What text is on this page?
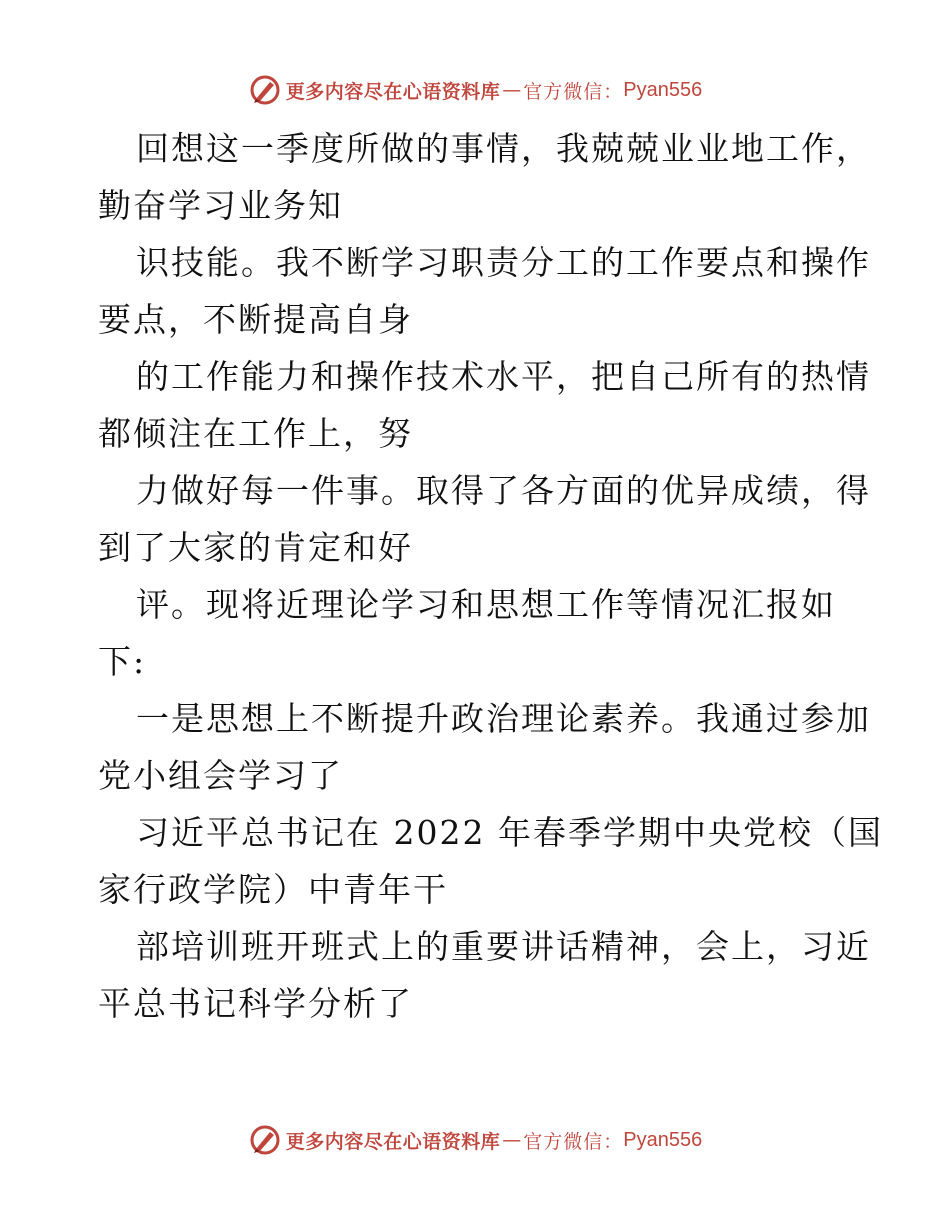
更多内容尽在心语资料库 — 官方微信： Pyan556
回想这一季度所做的事情，我兢兢业业地工作，
勤奋学习业务知
识技能。我不断学习职责分工的工作要点和操作
要点，不断提高自身
的工作能力和操作技术水平，把自己所有的热情
都倾注在工作上，努
力做好每一件事。取得了各方面的优异成绩，得
到了大家的肯定和好
评。现将近理论学习和思想工作等情况汇报如
下:
一是思想上不断提升政治理论素养。我通过参加
党小组会学习了
习近平总书记在 2022 年春季学期中央党校（国
家行政学院）中青年干
部培训班开班式上的重要讲话精神，会上，习近
平总书记科学分析了
更多内容尽在心语资料库 — 官方微信： Pyan556
